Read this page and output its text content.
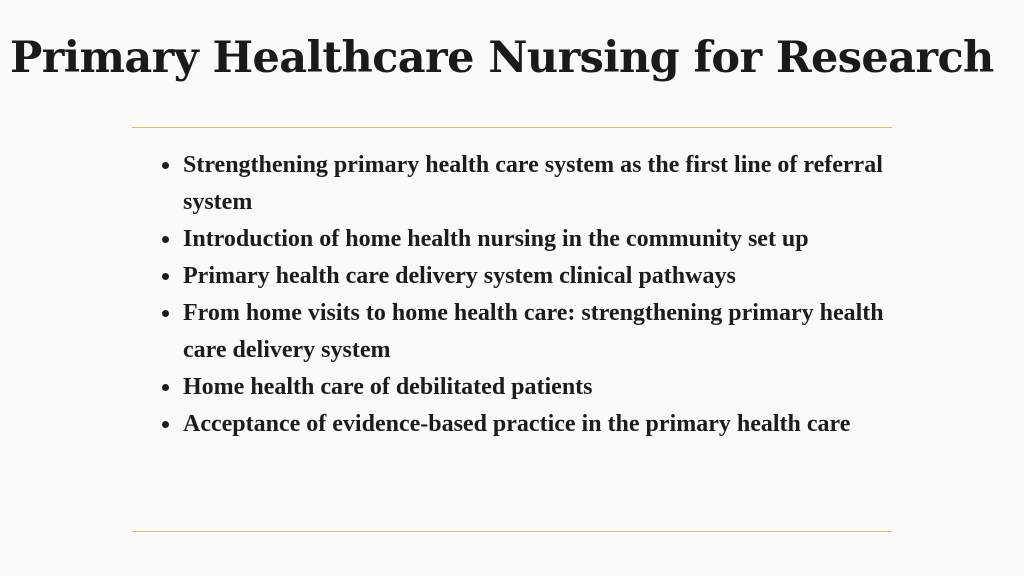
Primary Healthcare Nursing for Research
Strengthening primary health care system as the first line of referral system
Introduction of home health nursing in the community set up
Primary health care delivery system clinical pathways
From home visits to home health care: strengthening primary health care delivery system
Home health care of debilitated patients
Acceptance of evidence-based practice in the primary health care
